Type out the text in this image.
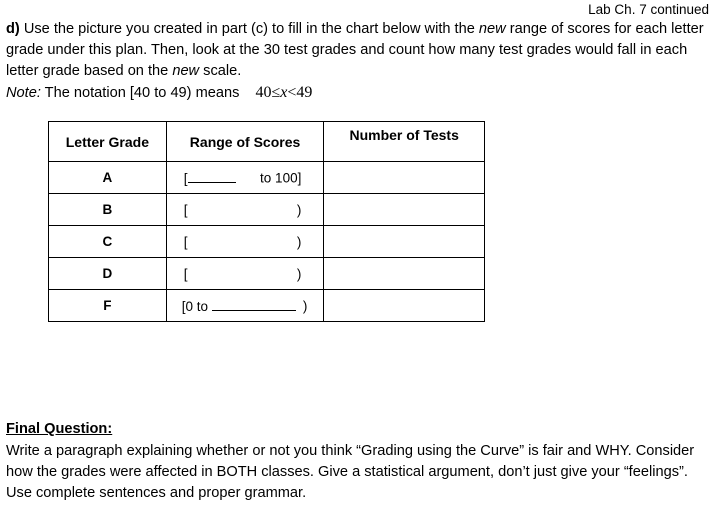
Lab Ch. 7 continued
d) Use the picture you created in part (c) to fill in the chart below with the new range of scores for each letter grade under this plan. Then, look at the 30 test grades and count how many test grades would fall in each letter grade based on the new scale.
Note: The notation [40 to 49) means 40≤x<49
Letter Grade	Range of Scores	Number of Tests
A	[ to 100]	

B	[ )	

C	[ )	

D	[ )	

F	[0 to )	

Final Question:
Write a paragraph explaining whether or not you think “Grading using the Curve” is fair and WHY. Consider how the grades were affected in BOTH classes. Give a statistical argument, don’t just give your “feelings”. Use complete sentences and proper grammar.
